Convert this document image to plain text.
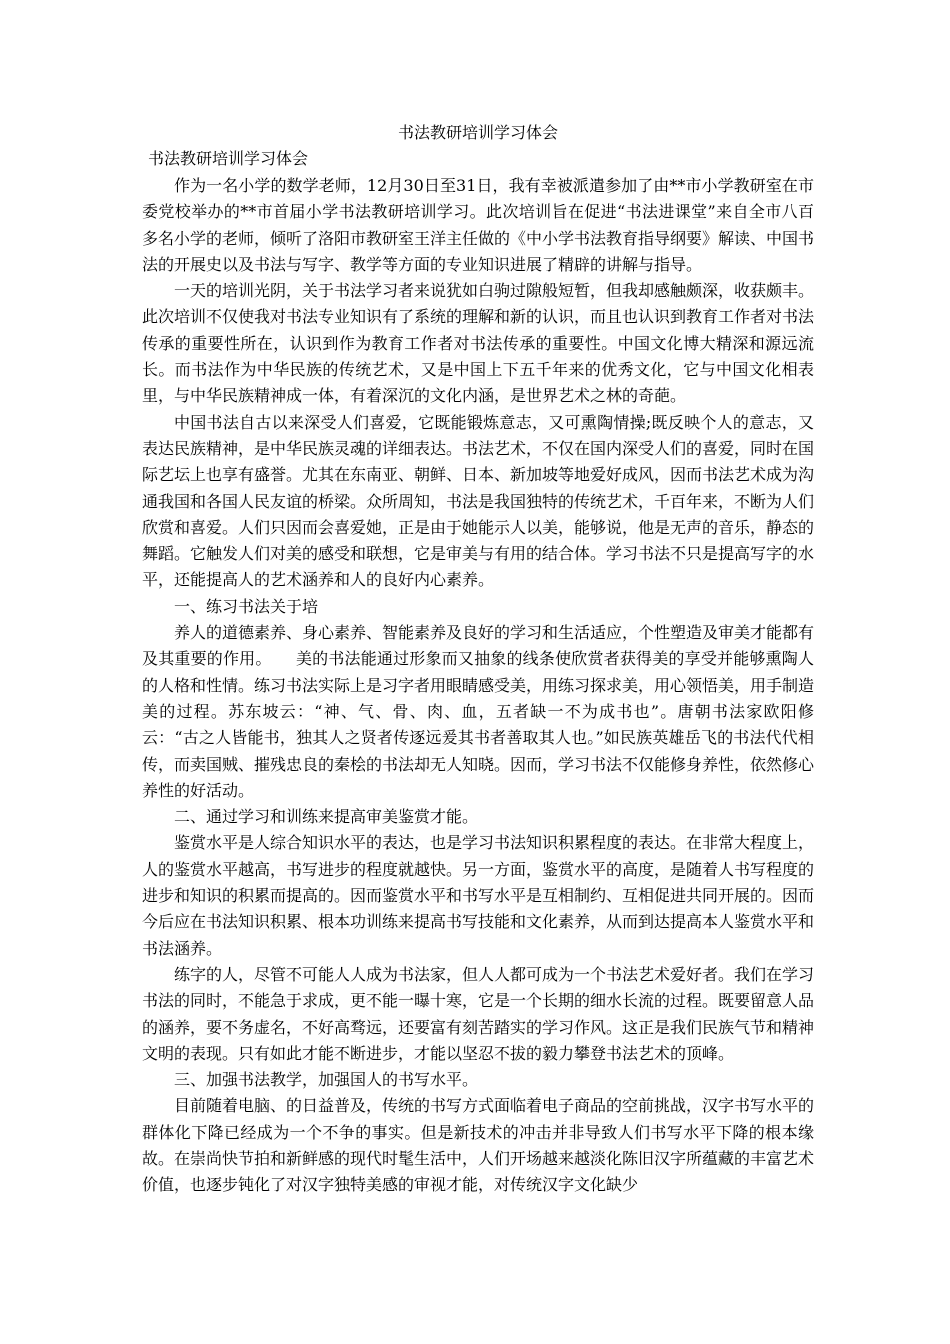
书法教研培训学习体会
书法教研培训学习体会

作为一名小学的数学老师，12月30日至31日，我有幸被派遣参加了由**市小学教研室在市委党校举办的**市首届小学书法教研培训学习。此次培训旨在促进“书法进课堂”来自全市八百多名小学的老师，倾听了洛阳市教研室王洋主任做的《中小学书法教育指导纲要》解读、中国书法的开展史以及书法与写字、教学等方面的专业知识进展了精辟的讲解与指导。

一天的培训光阴，关于书法学习者来说犹如白驹过隙般短暂，但我却感触颇深，收获颇丰。此次培训不仅使我对书法专业知识有了系统的理解和新的认识，而且也认识到教育工作者对书法传承的重要性所在，认识到作为教育工作者对书法传承的重要性。中国文化博大精深和源远流长。而书法作为中华民族的传统艺术，又是中国上下五千年来的优秀文化，它与中国文化相表里，与中华民族精神成一体，有着深沉的文化内涵，是世界艺术之林的奇葩。

中国书法自古以来深受人们喜爱，它既能锻炼意志，又可熏陶情操;既反映个人的意志，又表达民族精神，是中华民族灵魂的详细表达。书法艺术，不仅在国内深受人们的喜爱，同时在国际艺坛上也享有盛誉。尤其在东南亚、朝鲜、日本、新加坡等地爱好成风，因而书法艺术成为沟通我国和各国人民友谊的桥梁。众所周知，书法是我国独特的传统艺术，千百年来，不断为人们欣赏和喜爱。人们只因而会喜爱她，正是由于她能示人以美，能够说，他是无声的音乐，静态的舞蹈。它触发人们对美的感受和联想，它是审美与有用的结合体。学习书法不只是提高写字的水平，还能提高人的艺术涵养和人的良好内心素养。

一、练习书法关于培

养人的道德素养、身心素养、智能素养及良好的学习和生活适应，个性塑造及审美才能都有及其重要的作用。　　美的书法能通过形象而又抽象的线条使欣赏者获得美的享受并能够熏陶人的人格和性情。练习书法实际上是习字者用眼睛感受美，用练习探求美，用心领悟美，用手制造美的过程。苏东坡云：“神、气、骨、肉、血，五者缺一不为成书也”。唐朝书法家欧阳修云：“古之人皆能书，独其人之贤者传逐远爰其书者善取其人也。”如民族英雄岳飞的书法代代相传，而卖国贼、摧残忠良的秦桧的书法却无人知晓。因而，学习书法不仅能修身养性，依然修心养性的好活动。

二、通过学习和训练来提高审美鉴赏才能。

鉴赏水平是人综合知识水平的表达，也是学习书法知识积累程度的表达。在非常大程度上，人的鉴赏水平越高，书写进步的程度就越快。另一方面，鉴赏水平的高度，是随着人书写程度的进步和知识的积累而提高的。因而鉴赏水平和书写水平是互相制约、互相促进共同开展的。因而今后应在书法知识积累、根本功训练来提高书写技能和文化素养，从而到达提高本人鉴赏水平和书法涵养。

练字的人，尽管不可能人人成为书法家，但人人都可成为一个书法艺术爱好者。我们在学习书法的同时，不能急于求成，更不能一曝十寒，它是一个长期的细水长流的过程。既要留意人品的涵养，要不务虚名，不好高骛远，还要富有刻苦踏实的学习作风。这正是我们民族气节和精神文明的表现。只有如此才能不断进步，才能以坚忍不拔的毅力攀登书法艺术的顶峰。

三、加强书法教学，加强国人的书写水平。

目前随着电脑、的日益普及，传统的书写方式面临着电子商品的空前挑战，汉字书写水平的群体化下降已经成为一个不争的事实。但是新技术的冲击并非导致人们书写水平下降的根本缘故。在崇尚快节拍和新鲜感的现代时髦生活中，人们开场越来越淡化陈旧汉字所蕴藏的丰富艺术价值，也逐步钝化了对汉字独特美感的审视才能，对传统汉字文化缺少
